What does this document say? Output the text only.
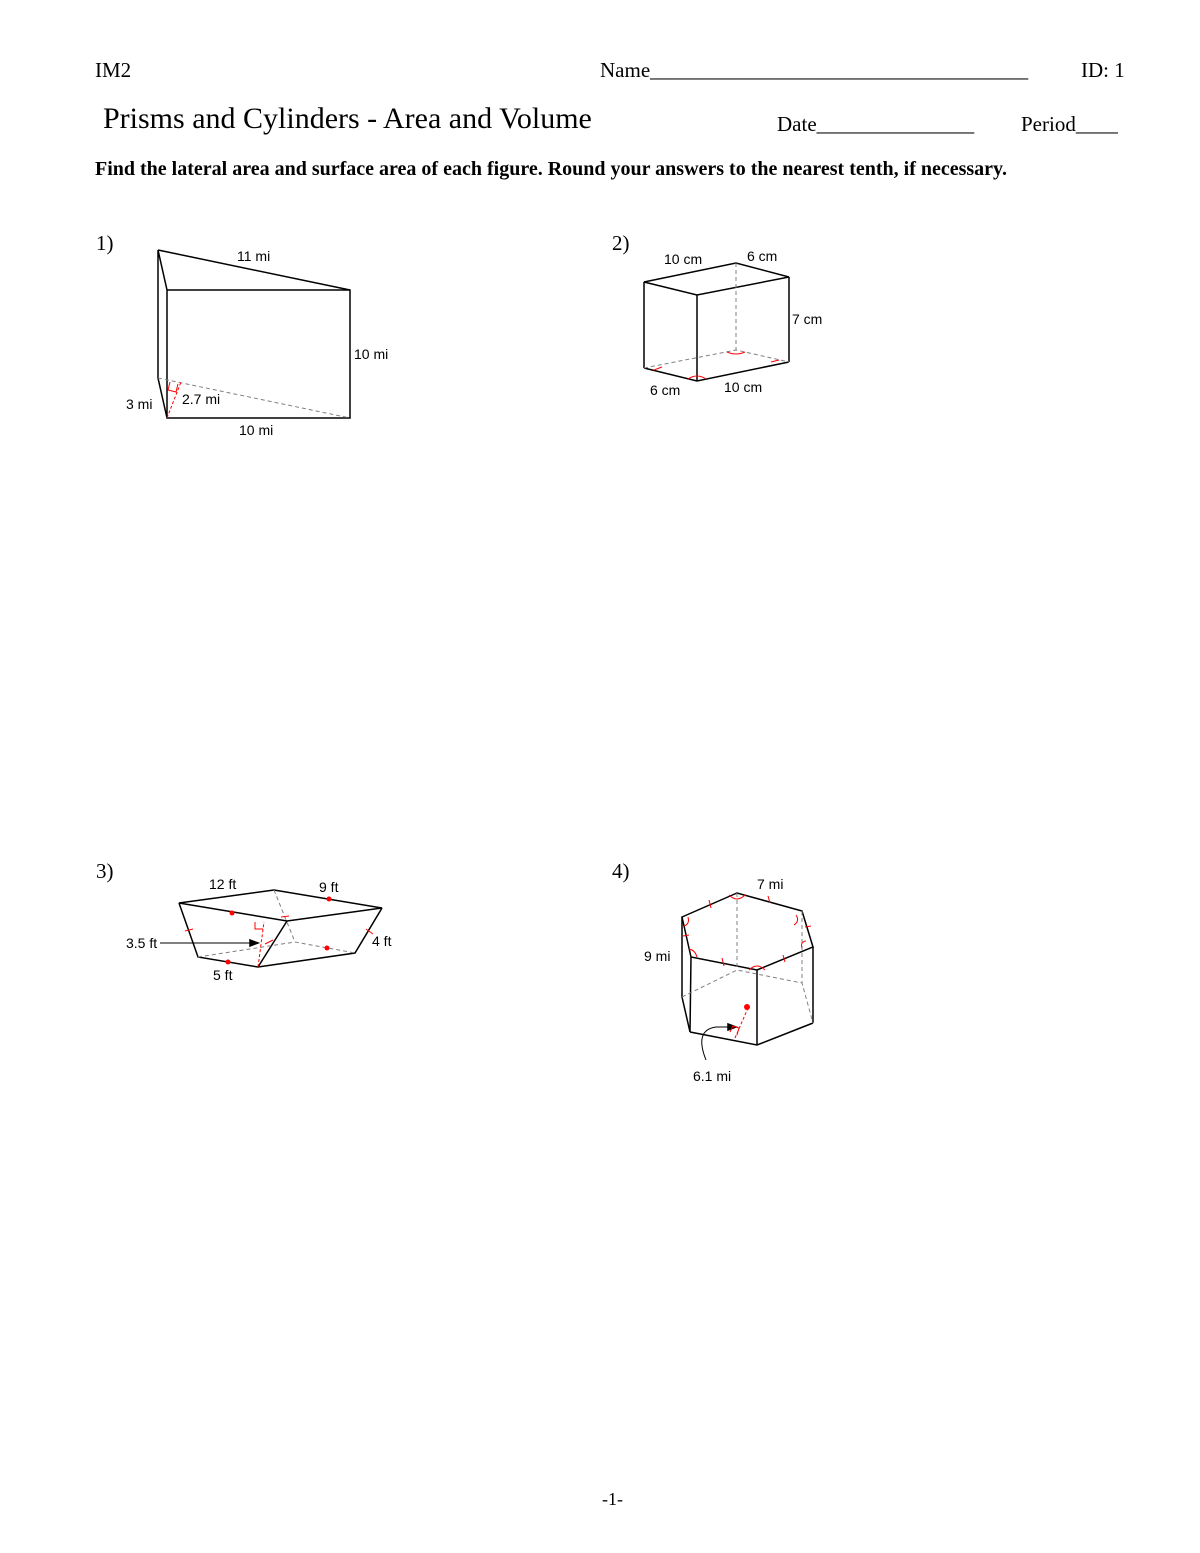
IM2	Name____________________________________	ID: 1
Prisms and Cylinders - Area and Volume	Date_______________ Period____
Find the lateral area and surface area of each figure. Round your answers to the nearest tenth, if necessary.
1)	2)
3)	4)
11 mi
10 mi
3 mi 2.7 mi
10 mi
10 cm	6 cm
7 cm
6 cm	10 cm
12 ft	9 ft
3.5 ft	4 ft
5 ft
7 mi
9 mi
6.1 mi
-1-
